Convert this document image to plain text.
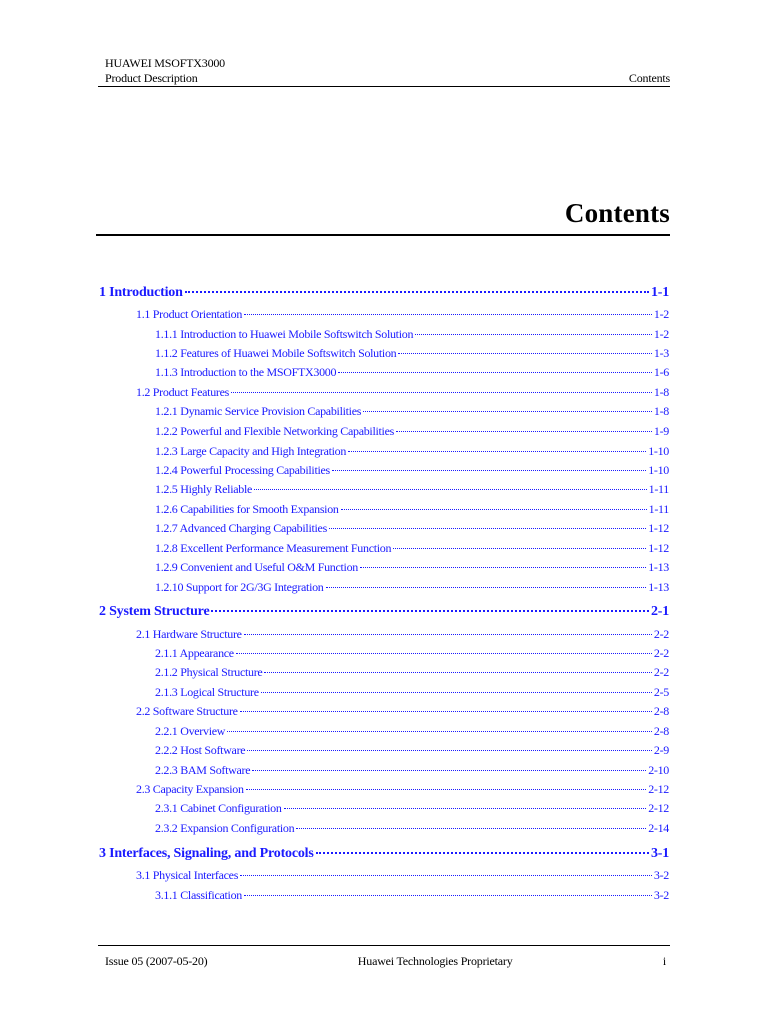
HUAWEI MSOFTX3000
Product Description	Contents
Contents
1 Introduction	1-1
1.1 Product Orientation	1-2
1.1.1 Introduction to Huawei Mobile Softswitch Solution	1-2
1.1.2 Features of Huawei Mobile Softswitch Solution	1-3
1.1.3 Introduction to the MSOFTX3000	1-6
1.2 Product Features	1-8
1.2.1 Dynamic Service Provision Capabilities	1-8
1.2.2 Powerful and Flexible Networking Capabilities	1-9
1.2.3 Large Capacity and High Integration	1-10
1.2.4 Powerful Processing Capabilities	1-10
1.2.5 Highly Reliable	1-11
1.2.6 Capabilities for Smooth Expansion	1-11
1.2.7 Advanced Charging Capabilities	1-12
1.2.8 Excellent Performance Measurement Function	1-12
1.2.9 Convenient and Useful O&M Function	1-13
1.2.10 Support for 2G/3G Integration	1-13
2 System Structure	2-1
2.1 Hardware Structure	2-2
2.1.1 Appearance	2-2
2.1.2 Physical Structure	2-2
2.1.3 Logical Structure	2-5
2.2 Software Structure	2-8
2.2.1 Overview	2-8
2.2.2 Host Software	2-9
2.2.3 BAM Software	2-10
2.3 Capacity Expansion	2-12
2.3.1 Cabinet Configuration	2-12
2.3.2 Expansion Configuration	2-14
3 Interfaces, Signaling, and Protocols	3-1
3.1 Physical Interfaces	3-2
3.1.1 Classification	3-2
Issue 05 (2007-05-20)	Huawei Technologies Proprietary	i
